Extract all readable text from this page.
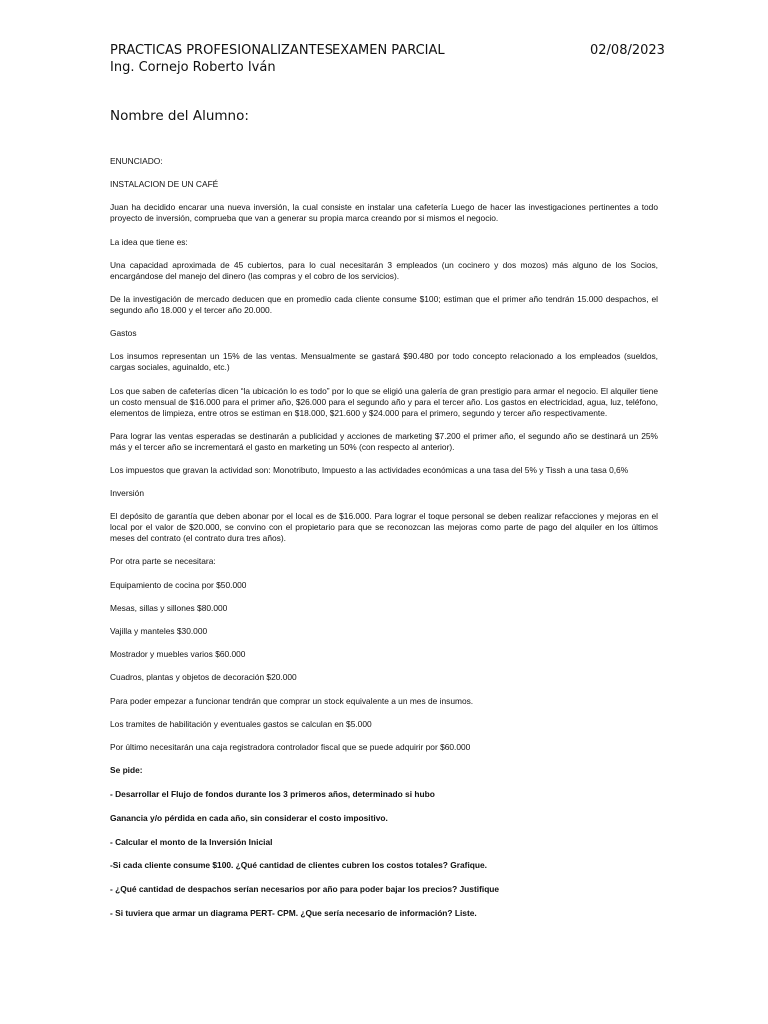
PRACTICAS PROFESIONALIZANTES EXAMEN PARCIAL	02/08/2023
Ing. Cornejo Roberto Iván
Nombre del Alumno:

ENUNCIADO:

INSTALACION DE UN CAFÉ

Juan ha decidido encarar una nueva inversión, la cual consiste en instalar una cafetería Luego de hacer las investigaciones pertinentes a todo proyecto de inversión, comprueba que van a generar su propia marca creando por si mismos el negocio.

La idea que tiene es:

Una capacidad aproximada de 45 cubiertos, para lo cual necesitarán 3 empleados (un cocinero y dos mozos) más alguno de los Socios, encargándose del manejo del dinero (las compras y el cobro de los servicios).

De la investigación de mercado deducen que en promedio cada cliente consume $100; estiman que el primer año tendrán 15.000 despachos, el segundo año 18.000 y el tercer año 20.000.

Gastos

Los insumos representan un 15% de las ventas. Mensualmente se gastará $90.480 por todo concepto relacionado a los empleados (sueldos, cargas sociales, aguinaldo, etc.)

Los que saben de cafeterías dicen “la ubicación lo es todo” por lo que se eligió una galería de gran prestigio para armar el negocio. El alquiler tiene un costo mensual de $16.000 para el primer año, $26.000 para el segundo año y para el tercer año. Los gastos en electricidad, agua, luz, teléfono, elementos de limpieza, entre otros se estiman en $18.000, $21.600 y $24.000 para el primero, segundo y tercer año respectivamente.

Para lograr las ventas esperadas se destinarán a publicidad y acciones de marketing $7.200 el primer año, el segundo año se destinará un 25% más y el tercer año se incrementará el gasto en marketing un 50% (con respecto al anterior).

Los impuestos que gravan la actividad son: Monotributo, Impuesto a las actividades económicas a una tasa del 5% y Tissh a una tasa 0,6%

Inversión

El depósito de garantía que deben abonar por el local es de $16.000. Para lograr el toque personal se deben realizar refacciones y mejoras en el local por el valor de $20.000, se convino con el propietario para que se reconozcan las mejoras como parte de pago del alquiler en los últimos meses del contrato (el contrato dura tres años).

Por otra parte se necesitara:

Equipamiento de cocina por $50.000

Mesas, sillas y sillones $80.000

Vajilla y manteles $30.000

Mostrador y muebles varios $60.000

Cuadros, plantas y objetos de decoración $20.000

Para poder empezar a funcionar tendrán que comprar un stock equivalente a un mes de insumos.

Los tramites de habilitación y eventuales gastos se calculan en $5.000

Por último necesitarán una caja registradora controlador fiscal que se puede adquirir por $60.000

Se pide:

- Desarrollar el Flujo de fondos durante los 3 primeros años, determinado si hubo

Ganancia y/o pérdida en cada año, sin considerar el costo impositivo.

- Calcular el monto de la Inversión Inicial

-Si cada cliente consume $100. ¿Qué cantidad de clientes cubren los costos totales? Grafique.

- ¿Qué cantidad de despachos serían necesarios por año para poder bajar los precios? Justifique

- Si tuviera que armar un diagrama PERT- CPM. ¿Que sería necesario de información? Liste.
